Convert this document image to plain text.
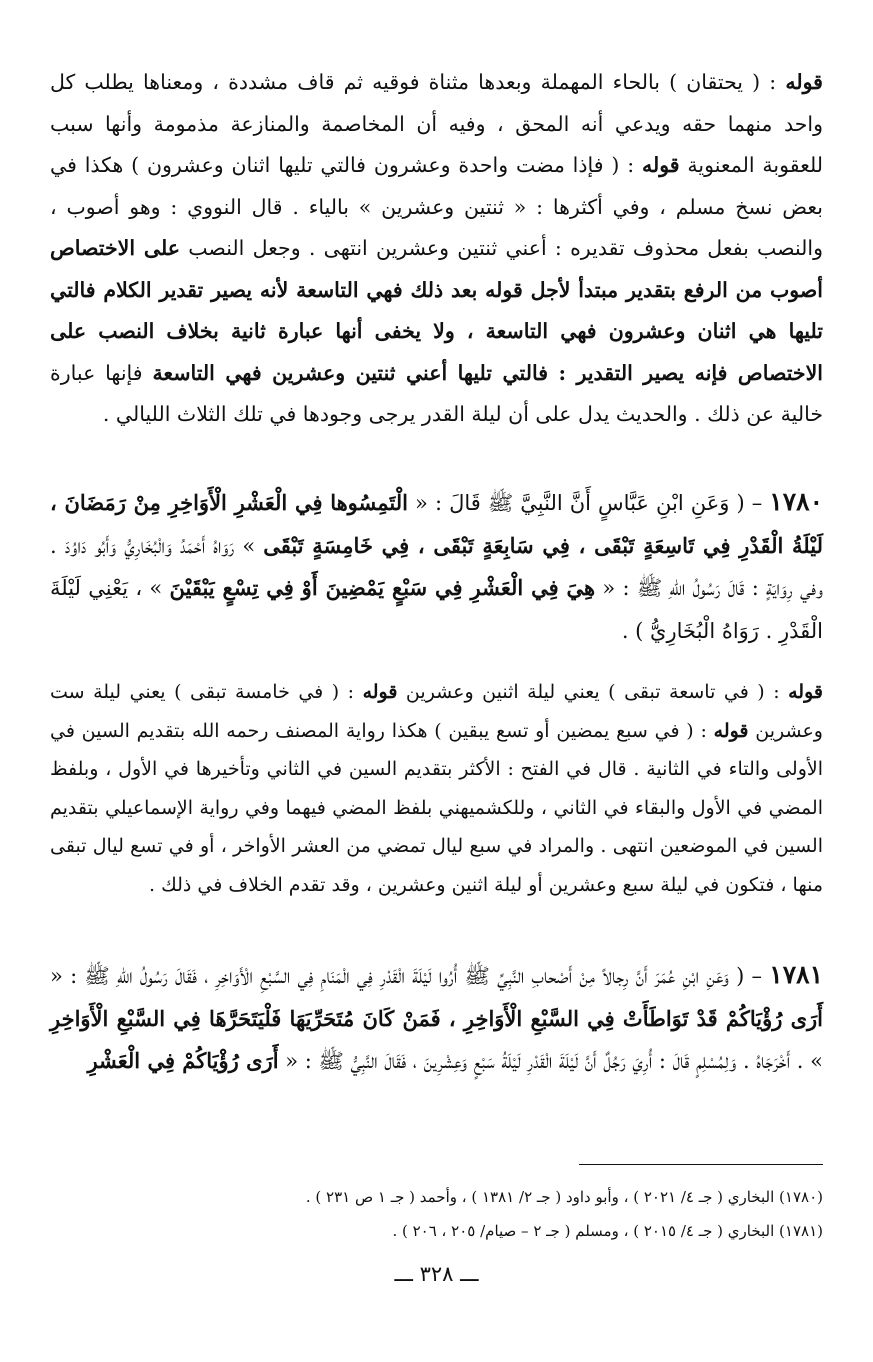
قوله : ( يحتقان ) بالحاء المهملة وبعدها مثناة فوقيه ثم قاف مشددة ، ومعناها يطلب كل واحد منهما حقه ويدعي أنه المحق ، وفيه أن المخاصمة والمنازعة مذمومة وأنها سبب للعقوبة المعنوية قوله : ( فإذا مضت واحدة وعشرون فالتي تليها اثنان وعشرون ) هكذا في بعض نسخ مسلم ، وفي أكثرها : « ثنتين وعشرين » بالياء . قال النووي : وهو أصوب ، والنصب بفعل محذوف تقديره : أعني ثنتين وعشرين انتهى . وجعل النصب على الاختصاص أصوب من الرفع بتقدير مبتدأ لأجل قوله بعد ذلك فهي التاسعة لأنه يصير تقدير الكلام فالتي تليها هي اثنان وعشرون فهي التاسعة ، ولا يخفى أنها عبارة ثانية بخلاف النصب على الاختصاص فإنه يصير التقدير : فالتي تليها أعني ثنتين وعشرين فهي التاسعة فإنها عبارة خالية عن ذلك . والحديث يدل على أن ليلة القدر يرجى وجودها في تلك الثلاث الليالي .

١٧٨٠ – ( وَعَنِ ابْنِ عَبَّاسٍ أَنَّ النَّبِيَّ ﷺ قَالَ : « الْتَمِسُوها فِي الْعَشْرِ الْأَوَاخِرِ مِنْ رَمَضَانَ ، لَيْلَةُ الْقَدْرِ فِي تَاسِعَةٍ تَبْقَى ، فِي سَابِعَةٍ تَبْقَى ، فِي خَامِسَةٍ تَبْقَى » رَوَاهُ أَحْمَدُ وَالْبُخَارِيُّ وَأَبُو دَاوُدَ . وفي رِوَايَةٍ : قَالَ رَسُولُ اللهِ ﷺ : « هِيَ فِي الْعَشْرِ فِي سَبْعٍ يَمْضِينَ أَوْ فِي تِسْعٍ يَبْقَيْنَ » ، يَعْنِي لَيْلَةَ الْقَدْرِ . رَوَاهُ الْبُخَارِيُّ ) .

قوله : ( في تاسعة تبقى ) يعني ليلة اثنين وعشرين قوله : ( في خامسة تبقى ) يعني ليلة ست وعشرين قوله : ( في سبع يمضين أو تسع يبقين ) هكذا رواية المصنف رحمه الله بتقديم السين في الأولى والتاء في الثانية . قال في الفتح : الأكثر بتقديم السين في الثاني وتأخيرها في الأول ، وبلفظ المضي في الأول والبقاء في الثاني ، وللكشميهني بلفظ المضي فيهما وفي رواية الإسماعيلي بتقديم السين في الموضعين انتهى . والمراد في سبع ليال تمضي من العشر الأواخر ، أو في تسع ليال تبقى منها ، فتكون في ليلة سبع وعشرين أو ليلة اثنين وعشرين ، وقد تقدم الخلاف في ذلك .

١٧٨١ – ( وَعَنِ ابْنِ عُمَرَ أَنَّ رِجالاً مِنْ أَصْحابِ النَّبِيِّ ﷺ أُرُوا لَيْلَةَ الْقَدْرِ فِي الْمَنَامِ فِي السَّبْعِ الْأَوَاخِرِ ، فَقَالَ رَسُولُ اللهِ ﷺ : « أَرَى رُؤْيَاكُمْ قَدْ تَوَاطَأَتْ فِي السَّبْعِ الْأَوَاخِرِ ، فَمَنْ كَانَ مُتَحَرِّيَهَا فَلْيَتَحَرَّهَا فِي السَّبْعِ الْأَوَاخِرِ » . أَخْرَجَاهُ . وَلِمُسْلِمٍ قَالَ : أُرِيَ رَجُلٌ أَنَّ لَيْلَةَ الْقَدْرِ لَيْلَةُ سَبْعٍ وَعِشْرِينَ ، فَقَالَ النَّبِيُّ ﷺ : « أَرَى رُؤْيَاكُمْ فِي الْعَشْرِ

(١٧٨٠) البخاري ( جـ ٤/ ٢٠٢١ ) ، وأبو داود ( جـ ٢/ ١٣٨١ ) ، وأحمد ( جـ ١ ص ٢٣١ ) .
(١٧٨١) البخاري ( جـ ٤/ ٢٠١٥ ) ، ومسلم ( جـ ٢ – صيام/ ٢٠٥ ، ٢٠٦ ) .
ـــ ٣٢٨ ـــ
